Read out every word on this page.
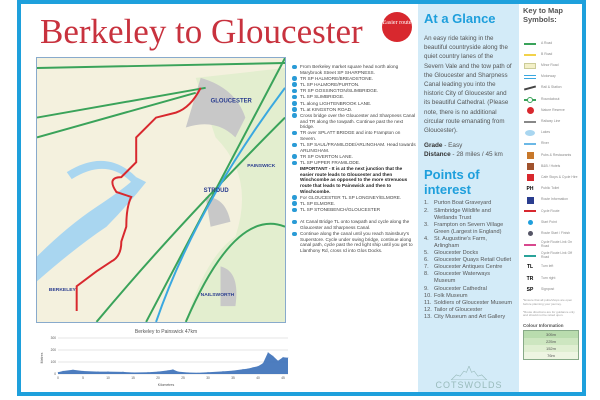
Berkeley to Gloucester	Easier route
GLOUCESTER
STROUD
PAINSWICK
NAILSWORTH
BERKELEY
From Berkeley market square head north along Marybrook Street SP SHARPNESS.
TR SP HALMORE/BREADSTONE.
TL SP HALMORE/PURTON.
TR SP GOSSINGTON/SLIMBRIDGE.
TL SP SLIMBRIDGE.
TL along LIGHTENBROOK LANE.
TL at KINGSTON ROAD.
Cross bridge over the Gloucester and Sharpness Canal and TR along the towpath. Continue past the next bridge.
TR over SPLATT BRIDGE and into Frampton on Severn.
TL SP SAUL/FRAMILODE/ARLINGHAM. Head towards ARLINGHAM.
TR SP OVERTON LANE.
TL SP UPPER FRAMILODE.
IMPORTANT - It is at the next junction that the easier route leads to Gloucester and then Winchcombe as opposed to the more strenuous route that leads to Painswick and then to Winchcombe.
For GLOUCESTER TL SP LONGNEY/ELMORE.
TL SP ELMORE.
TL SP STONEBENCH/GLOUCESTER
At Canal Bridge TL onto towpath and cycle along the Gloucester and Sharpness Canal.
Continue along the canal until you reach Sainsbury's Superstore. Cycle under swing bridge, continue along canal path, cycle past the red light ship until you get to Llanthony Rd, cross rd into Glos Docks.
Berkeley to Painswick 47km
Kilometres
Metres
0
100
200
300
0	5	10	15	20	25	30	35	40	45
At a Glance

An easy ride taking in the beautiful countryside along the quiet country lanes of the Severn Vale and the tow path of the Gloucester and Sharpness Canal leading you into the historic City of Gloucester and its beautiful Cathedral. (Please note, there is no additional circular route emanating from Gloucester).

Grade - Easy
Distance - 28 miles / 45 km
Points of interest
1. Purton Boat Graveyard
2. Slimbridge Wildlife and Wetlands Trust
3. Frampton on Severn Village Green (Largest in England)
4. St. Augustine's Farm, Arlingham
5. Gloucester Docks
6. Gloucester Quays Retail Outlet
7. Gloucester Antiques Centre
8. Gloucester Waterways Museum
9. Gloucester Cathedral
10. Folk Museum
11. Soldiers of Gloucester Museum
12. Tailor of Gloucester
13. City Museum and Art Gallery
COTSWOLDS
Key to Map Symbols:
A Road
B Road
Minor Road
Motorway
Rail & Station
Roundabout
Nature Reserve
Railway Line
Lakes
River
Pubs & Restaurants
B&B / Hotels
Cafe Stops & Cycle Hire
PH Public Toilet
Route Information
Cycle Route
Start Point
Route Start / Finish
Cycle Route Link On Road
Cycle Route Link Off Road
TL Turn left
TR Turn right
SP Signpost
*Ensure that all pubs/shops are open before planning your journey.
*Route directions are for guidance only and should not be relied upon.
Colour Information
305m
225m
152m
76m
